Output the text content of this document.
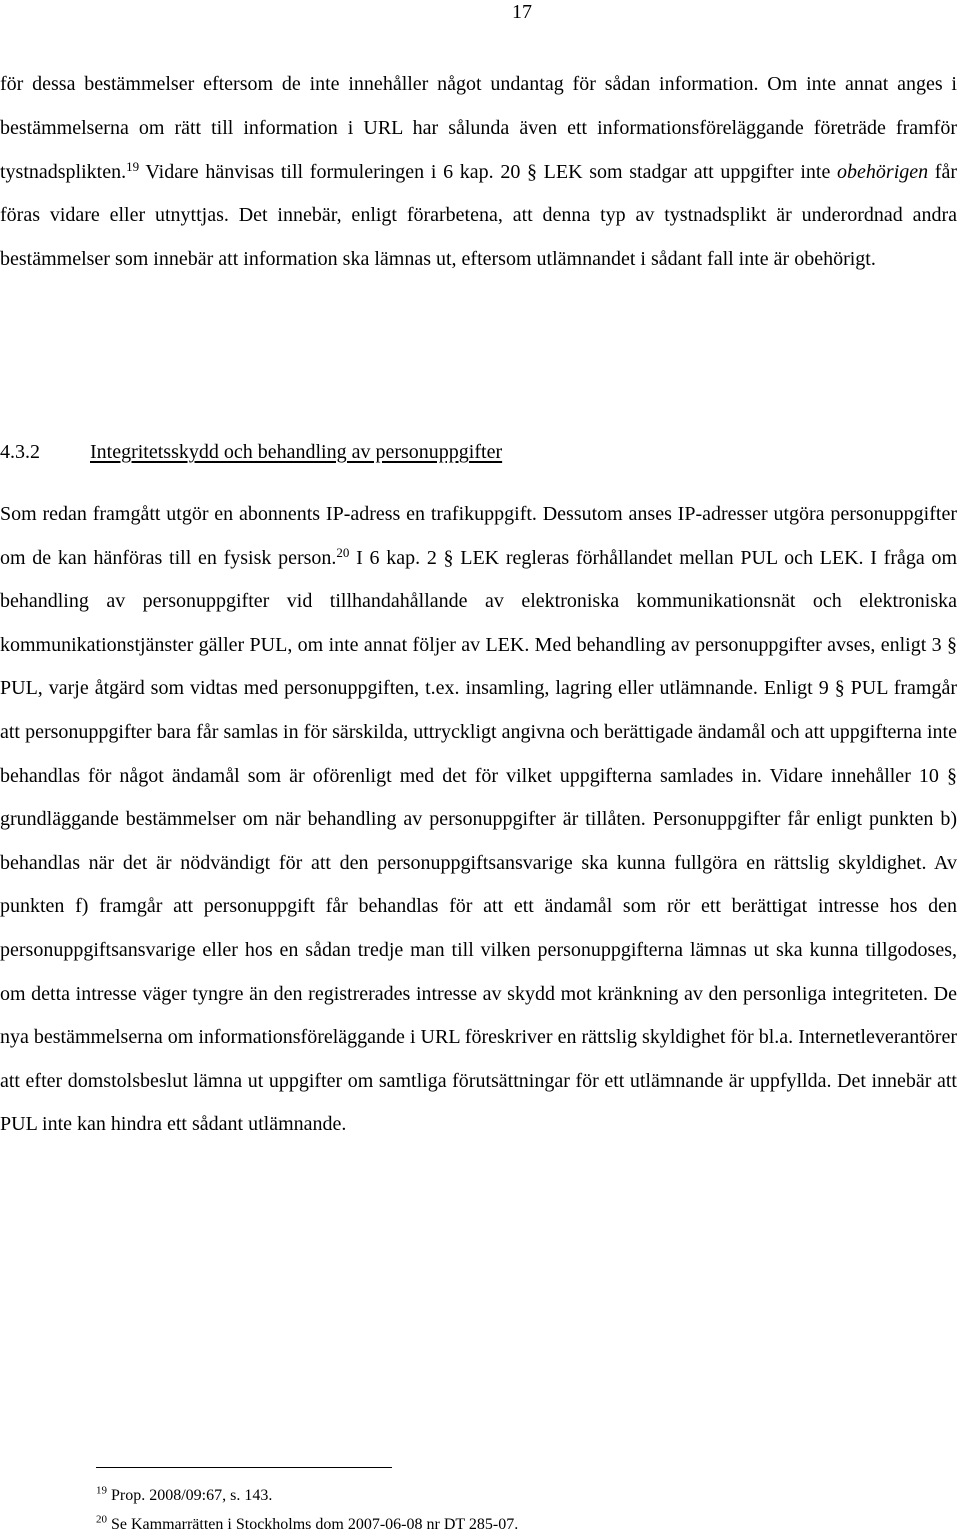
17

för dessa bestämmelser eftersom de inte innehåller något undantag för sådan information. Om inte annat anges i bestämmelserna om rätt till information i URL har sålunda även ett informationsföreläggande företräde framför tystnadsplikten.$^{19}$ Vidare hänvisas till formuleringen i 6 kap. 20 § LEK som stadgar att uppgifter inte obehörigen får föras vidare eller utnyttjas. Det innebär, enligt förarbetena, att denna typ av tystnadsplikt är underordnad andra bestämmelser som innebär att information ska lämnas ut, eftersom utlämnandet i sådant fall inte är obehörigt.

4.3.2	Integritetsskydd och behandling av personuppgifter

Som redan framgått utgör en abonnents IP-adress en trafikuppgift. Dessutom anses IP-adresser utgöra personuppgifter om de kan hänföras till en fysisk person.$^{20}$ I 6 kap. 2 § LEK regleras förhållandet mellan PUL och LEK. I fråga om behandling av personuppgifter vid tillhandahållande av elektroniska kommunikationsnät och elektroniska kommunikationstjänster gäller PUL, om inte annat följer av LEK. Med behandling av personuppgifter avses, enligt 3 § PUL, varje åtgärd som vidtas med personuppgiften, t.ex. insamling, lagring eller utlämnande. Enligt 9 § PUL framgår att personuppgifter bara får samlas in för särskilda, uttryckligt angivna och berättigade ändamål och att uppgifterna inte behandlas för något ändamål som är oförenligt med det för vilket uppgifterna samlades in. Vidare innehåller 10 § grundläggande bestämmelser om när behandling av personuppgifter är tillåten. Personuppgifter får enligt punkten b) behandlas när det är nödvändigt för att den personuppgiftsansvarige ska kunna fullgöra en rättslig skyldighet. Av punkten f) framgår att personuppgift får behandlas för att ett ändamål som rör ett berättigat intresse hos den personuppgiftsansvarige eller hos en sådan tredje man till vilken personuppgifterna lämnas ut ska kunna tillgodoses, om detta intresse väger tyngre än den registrerades intresse av skydd mot kränkning av den personliga integriteten. De nya bestämmelserna om informationsföreläggande i URL föreskriver en rättslig skyldighet för bl.a. Internetleverantörer att efter domstolsbeslut lämna ut uppgifter om samtliga förutsättningar för ett utlämnande är uppfyllda. Det innebär att PUL inte kan hindra ett sådant utlämnande.

$^{19}$ Prop. 2008/09:67, s. 143.
$^{20}$ Se Kammarrätten i Stockholms dom 2007-06-08 nr DT 285-07.
